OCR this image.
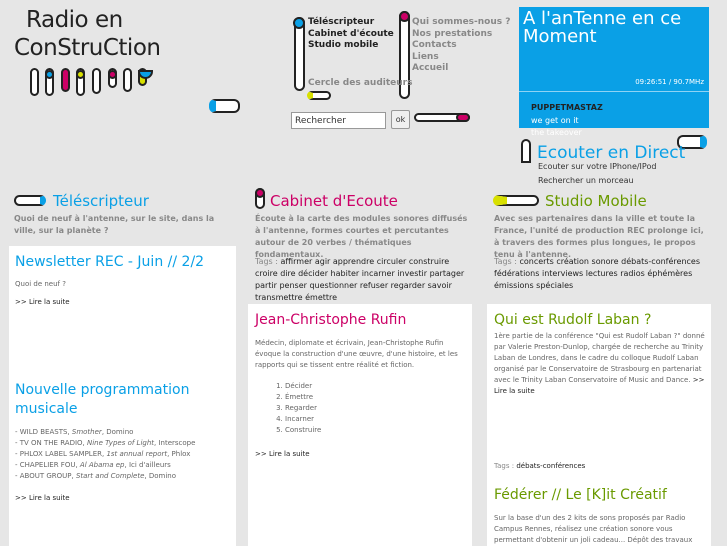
Radio en
ConStruCtion
Téléscripteur
Cabinet d'écoute
Studio mobile
Qui sommes-nous ?
Nos prestations
Contacts
Liens
Accueil
Cercle des auditeurs
Rechercher
ok
A l'anTenne en ce Moment
09:26:51 / 90.7MHz
PUPPETMASTAZ
we get on it
the takeover
Ecouter en Direct
Ecouter sur votre IPhone/IPod
Rechercher un morceau
Téléscripteur
Quoi de neuf à l'antenne, sur le site, dans la ville, sur la planète ?
Newsletter REC - Juin // 2/2
Quoi de neuf ?
>> Lire la suite
Nouvelle programmation musicale
- WILD BEASTS, Smother, Domino
- TV ON THE RADIO, Nine Types of Light, Interscope
- PHLOX LABEL SAMPLER, 1st annual report, Phlox
- CHAPELIER FOU, Al Abama ep, Ici d'ailleurs
- ABOUT GROUP, Start and Complete, Domino
>> Lire la suite
Cabinet d'Ecoute
Écoute à la carte des modules sonores diffusés à l'antenne, formes courtes et percutantes autour de 20 verbes / thématiques fondamentaux.
Tags : affirmer agir apprendre circuler construire croire dire décider habiter incarner investir partager partir penser questionner refuser regarder savoir transmettre émettre
Jean-Christophe Rufin
Médecin, diplomate et écrivain, Jean-Christophe Rufin évoque la construction d'une œuvre, d'une histoire, et les rapports qui se tissent entre réalité et fiction.
1. Décider
2. Émettre
3. Regarder
4. Incarner
5. Construire
>> Lire la suite
Studio Mobile
Avec ses partenaires dans la ville et toute la France, l'unité de production REC prolonge ici, à travers des formes plus longues, le propos tenu à l'antenne.
Tags : concerts création sonore débats-conférences fédérations interviews lectures radios éphémères émissions spéciales
Qui est Rudolf Laban ?
1ère partie de la conférence "Qui est Rudolf Laban ?" donné par Valerie Preston-Dunlop, chargée de recherche au Trinity Laban de Londres, dans le cadre du colloque Rudolf Laban organisé par le Conservatoire de Strasbourg en partenariat avec le Trinity Laban Conservatoire of Music and Dance. >> Lire la suite
Tags : débats-conférences
Fédérer // Le [K]it Créatif
Sur la base d'un des 2 kits de sons proposés par Radio Campus Rennes, réalisez une création sonore vous permettant d'obtenir un joli cadeau... Dépôt des travaux
